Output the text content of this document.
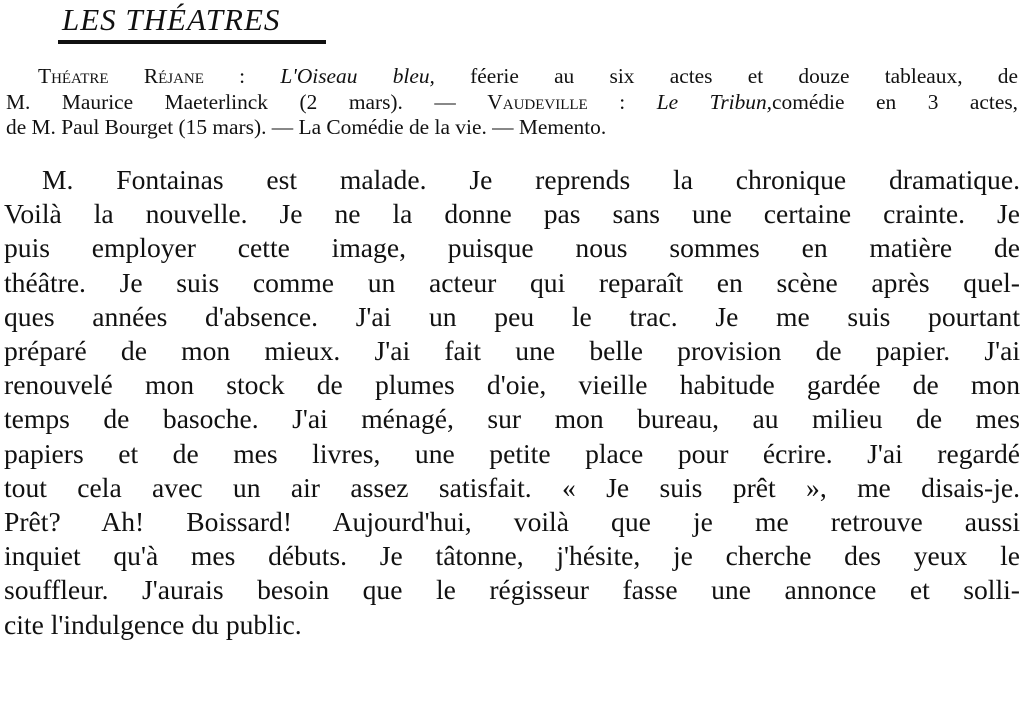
LES THÉATRES
Théatre Réjane : L'Oiseau bleu, féerie au six actes et douze tableaux, de
M. Maurice Maeterlinck (2 mars). — Vaudeville : Le Tribun,comédie en 3 actes,
de M. Paul Bourget (15 mars). — La Comédie de la vie. — Memento.
M. Fontainas est malade. Je reprends la chronique dramatique.
Voilà la nouvelle. Je ne la donne pas sans une certaine crainte. Je
puis employer cette image, puisque nous sommes en matière de
théâtre. Je suis comme un acteur qui reparaît en scène après quel-
ques années d'absence. J'ai un peu le trac. Je me suis pourtant
préparé de mon mieux. J'ai fait une belle provision de papier. J'ai
renouvelé mon stock de plumes d'oie, vieille habitude gardée de mon
temps de basoche. J'ai ménagé, sur mon bureau, au milieu de mes
papiers et de mes livres, une petite place pour écrire. J'ai regardé
tout cela avec un air assez satisfait. « Je suis prêt », me disais-je.
Prêt? Ah! Boissard! Aujourd'hui, voilà que je me retrouve aussi
inquiet qu'à mes débuts. Je tâtonne, j'hésite, je cherche des yeux le
souffleur. J'aurais besoin que le régisseur fasse une annonce et solli-
cite l'indulgence du public.
